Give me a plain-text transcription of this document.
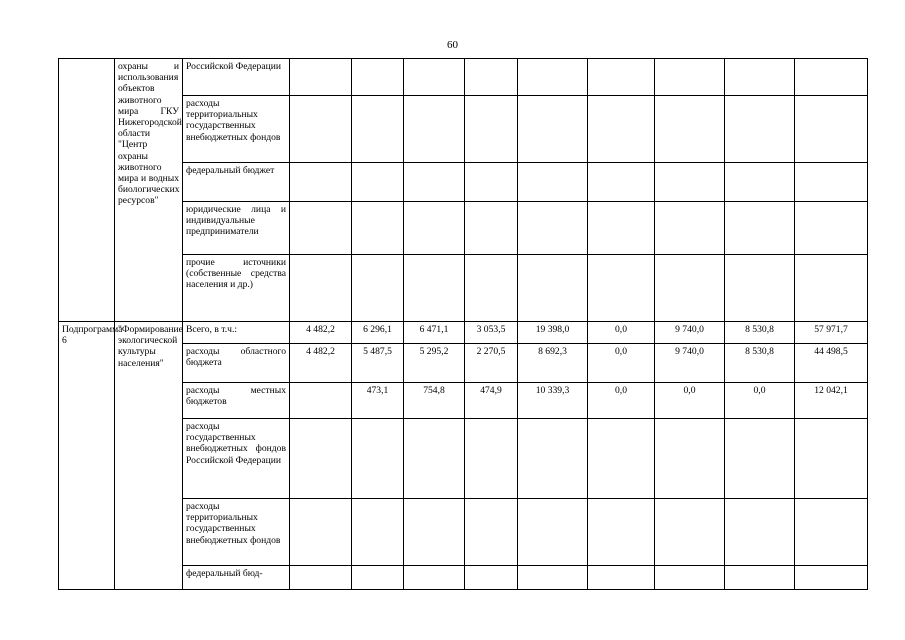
60
	охраны и использования объектов животного мира ГКУ Нижегородской области "Центр охраны животного мира и водных биологических ресурсов"	Российской Федерации									
		расходы территориальных государственных внебюджетных фондов									
		федеральный бюджет									
		юридические лица и индивидуальные предприниматели									
		прочие источники (собственные средства населения и др.)									
Подпрограмма 6	"Формирование экологической культуры населения"	Всего, в т.ч.:	4 482,2	6 296,1	6 471,1	3 053,5	19 398,0	0,0	9 740,0	8 530,8	57 971,7
		расходы областного бюджета	4 482,2	5 487,5	5 295,2	2 270,5	8 692,3	0,0	9 740,0	8 530,8	44 498,5
		расходы местных бюджетов		473,1	754,8	474,9	10 339,3	0,0	0,0	0,0	12 042,1
		расходы государственных внебюджетных фондов Российской Федерации									
		расходы территориальных государственных внебюджетных фондов									
		федеральный бюд-									
